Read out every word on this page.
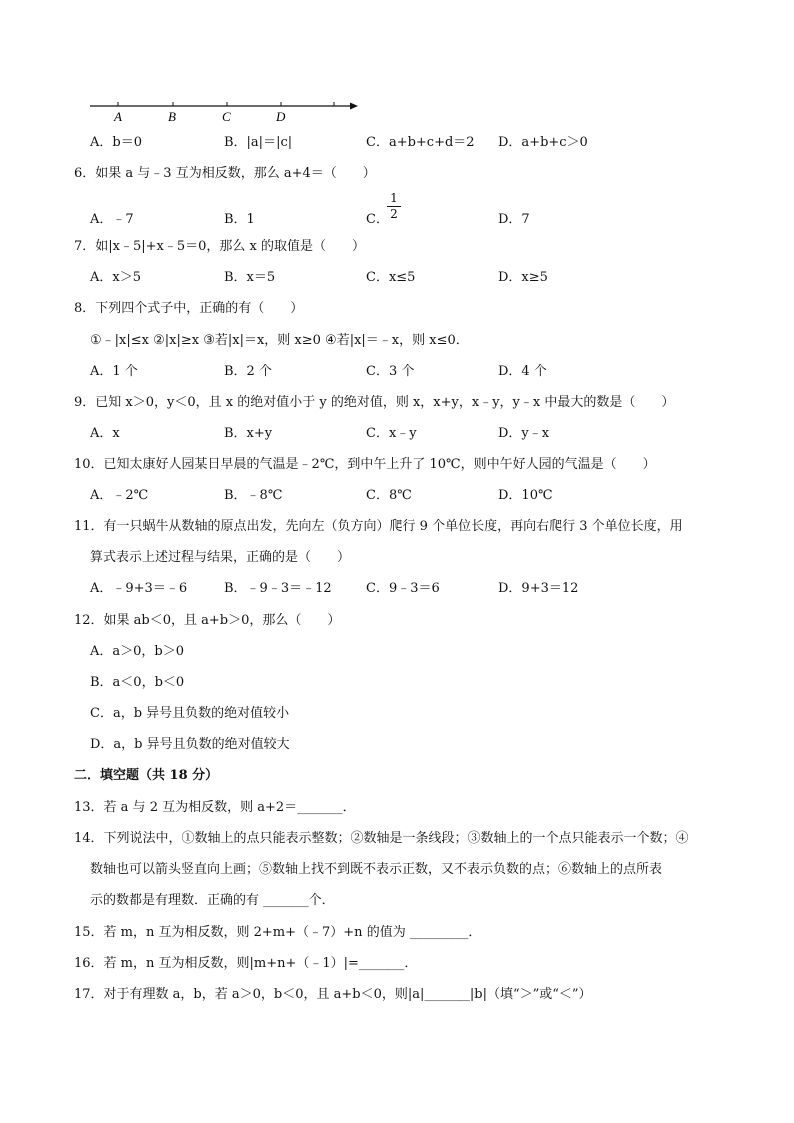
A	B	C	D
A．b＝0	B．|a|＝|c|	C．a+b+c+d＝2 D．a+b+c＞0
6．如果 a 与﹣3 互为相反数，那么 a+4＝（　　）
A．﹣7	B．1	C．
1
2	D．7
7．如|x﹣5|+x﹣5＝0，那么 x 的取值是（　　）
A．x＞5	B．x＝5	C．x≤5	D．x≥5
8．下列四个式子中，正确的有（　　）
①﹣|x|≤x ②|x|≥x ③若|x|＝x，则 x≥0 ④若|x|＝﹣x，则 x≤0．
A．1 个	B．2 个	C．3 个	D．4 个
9．已知 x＞0，y＜0，且 x 的绝对值小于 y 的绝对值，则 x，x+y，x﹣y，y﹣x 中最大的数是（　　）
A．x	B．x+y	C．x﹣y	D．y﹣x
10．已知太康好人园某日早晨的气温是﹣2℃，到中午上升了 10℃，则中午好人园的气温是（　　）
A．﹣2℃	B．﹣8℃	C．8℃	D．10℃
11．有一只蜗牛从数轴的原点出发，先向左（负方向）爬行 9 个单位长度，再向右爬行 3 个单位长度，用
算式表示上述过程与结果，正确的是（　　）
A．﹣9+3＝﹣6	B．﹣9﹣3＝﹣12	C．9﹣3＝6	D．9+3＝12
12．如果 ab＜0，且 a+b＞0，那么（　　）
A．a＞0，b＞0
B．a＜0，b＜0
C．a，b 异号且负数的绝对值较小
D．a，b 异号且负数的绝对值较大
二．填空题（共 18 分）
13．若 a 与 2 互为相反数，则 a+2＝_______．
14．下列说法中，①数轴上的点只能表示整数；②数轴是一条线段；③数轴上的一个点只能表示一个数；④
数轴也可以箭头竖直向上画；⑤数轴上找不到既不表示正数，又不表示负数的点；⑥数轴上的点所表
示的数都是有理数．正确的有 _______个．
15．若 m，n 互为相反数，则 2+m+（﹣7）+n 的值为 _________．
16．若 m，n 互为相反数，则|m+n+（﹣1）|=_______．
17．对于有理数 a，b，若 a＞0，b＜0，且 a+b＜0，则|a|_______|b|（填“＞”或“＜”）
